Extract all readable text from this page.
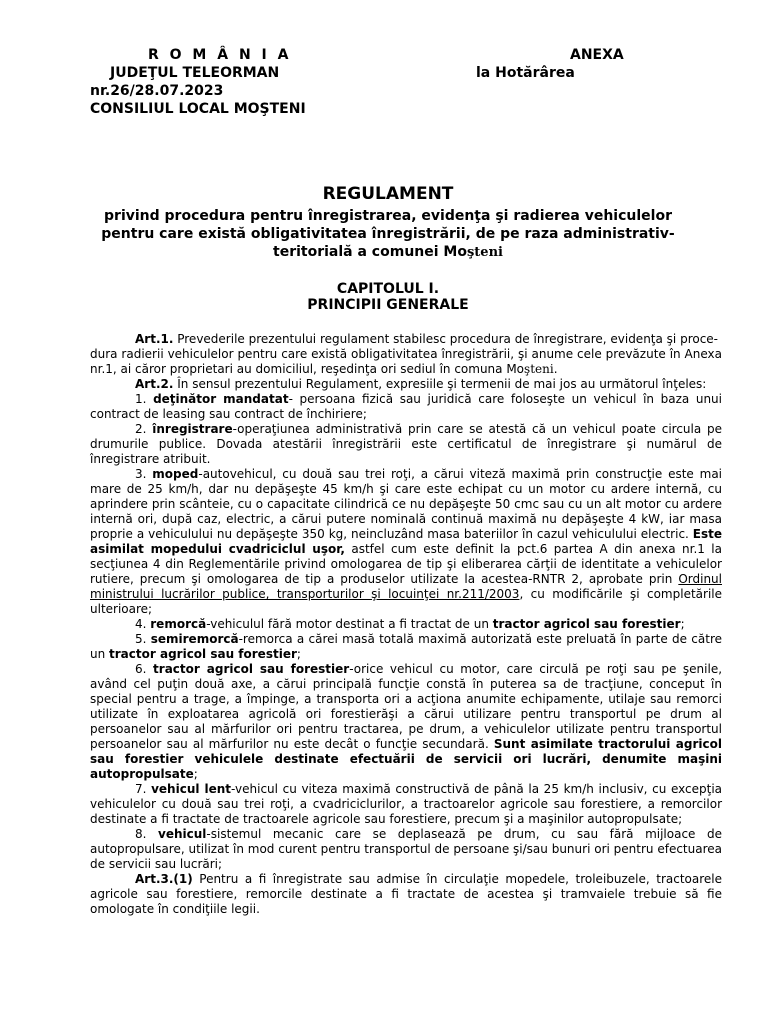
R O M Â N I A
JUDEŢUL TELEORMAN
nr.26/28.07.2023
CONSILIUL LOCAL MOŞTENI
ANEXA
la Hotărârea
REGULAMENT
privind procedura pentru înregistrarea, evidenţa şi radierea vehiculelor pentru care există obligativitatea înregistrării, de pe raza administrativ-teritorială a comunei Moşteni
CAPITOLUL I.
PRINCIPII GENERALE

Art.1. Prevederile prezentului regulament stabilesc procedura de înregistrare, evidenţa şi proce-

dura radierii vehiculelor pentru care există obligativitatea înregistrării, şi anume cele prevăzute în Anexa nr.1, ai căror proprietari au domiciliul, reşedinţa ori sediul în comuna Moşteni.

Art.2. În sensul prezentului Regulament, expresiile şi termenii de mai jos au următorul înţeles:

1. deţinător mandatat- persoana fizică sau juridică care foloseşte un vehicul în baza unui contract de leasing sau contract de închiriere;

2. înregistrare-operaţiunea administrativă prin care se atestă că un vehicul poate circula pe drumurile publice. Dovada atestării înregistrării este certificatul de înregistrare şi numărul de înregistrare atribuit.

3. moped-autovehicul, cu două sau trei roţi, a cărui viteză maximă prin construcţie este mai mare de 25 km/h, dar nu depăşeşte 45 km/h şi care este echipat cu un motor cu ardere internă, cu aprindere prin scânteie, cu o capacitate cilindrică ce nu depăşeşte 50 cmc sau cu un alt motor cu ardere internă ori, după caz, electric, a cărui putere nominală continuă maximă nu depăşeşte 4 kW, iar masa proprie a vehiculului nu depăşeşte 350 kg, neincluzând masa bateriilor în cazul vehiculului electric. Este asimilat mopedului cvadriciclul uşor, astfel cum este definit la pct.6 partea A din anexa nr.1 la secţiunea 4 din Reglementările privind omologarea de tip şi eliberarea cărţii de identitate a vehiculelor rutiere, precum şi omologarea de tip a produselor utilizate la acestea-RNTR 2, aprobate prin Ordinul ministrului lucrărilor publice, transporturilor şi locuinţei nr.211/2003, cu modificările şi completările ulterioare;

4. remorcă-vehiculul fără motor destinat a fi tractat de un tractor agricol sau forestier;

5. semiremorcă-remorca a cărei masă totală maximă autorizată este preluată în parte de către un tractor agricol sau forestier;

6. tractor agricol sau forestier-orice vehicul cu motor, care circulă pe roţi sau pe şenile, având cel puţin două axe, a cărui principală funcţie constă în puterea sa de tracţiune, conceput în special pentru a trage, a împinge, a transporta ori a acţiona anumite echipamente, utilaje sau remorci utilizate în exploatarea agricolă ori forestierăşi a cărui utilizare pentru transportul pe drum al persoanelor sau al mărfurilor ori pentru tractarea, pe drum, a vehiculelor utilizate pentru transportul persoanelor sau al mărfurilor nu este decât o funcţie secundară. Sunt asimilate tractorului agricol sau forestier vehiculele destinate efectuării de servicii ori lucrări, denumite maşini autopropulsate;

7. vehicul lent-vehicul cu viteza maximă constructivă de până la 25 km/h inclusiv, cu excepţia vehiculelor cu două sau trei roţi, a cvadriciclurilor, a tractoarelor agricole sau forestiere, a remorcilor destinate a fi tractate de tractoarele agricole sau forestiere, precum şi a maşinilor autopropulsate;

8. vehicul-sistemul mecanic care se deplasează pe drum, cu sau fără mijloace de autopropulsare, utilizat în mod curent pentru transportul de persoane şi/sau bunuri ori pentru efectuarea de servicii sau lucrări;

Art.3.(1) Pentru a fi înregistrate sau admise în circulaţie mopedele, troleibuzele, tractoarele agricole sau forestiere, remorcile destinate a fi tractate de acestea şi tramvaiele trebuie să fie omologate în condiţiile legii.
